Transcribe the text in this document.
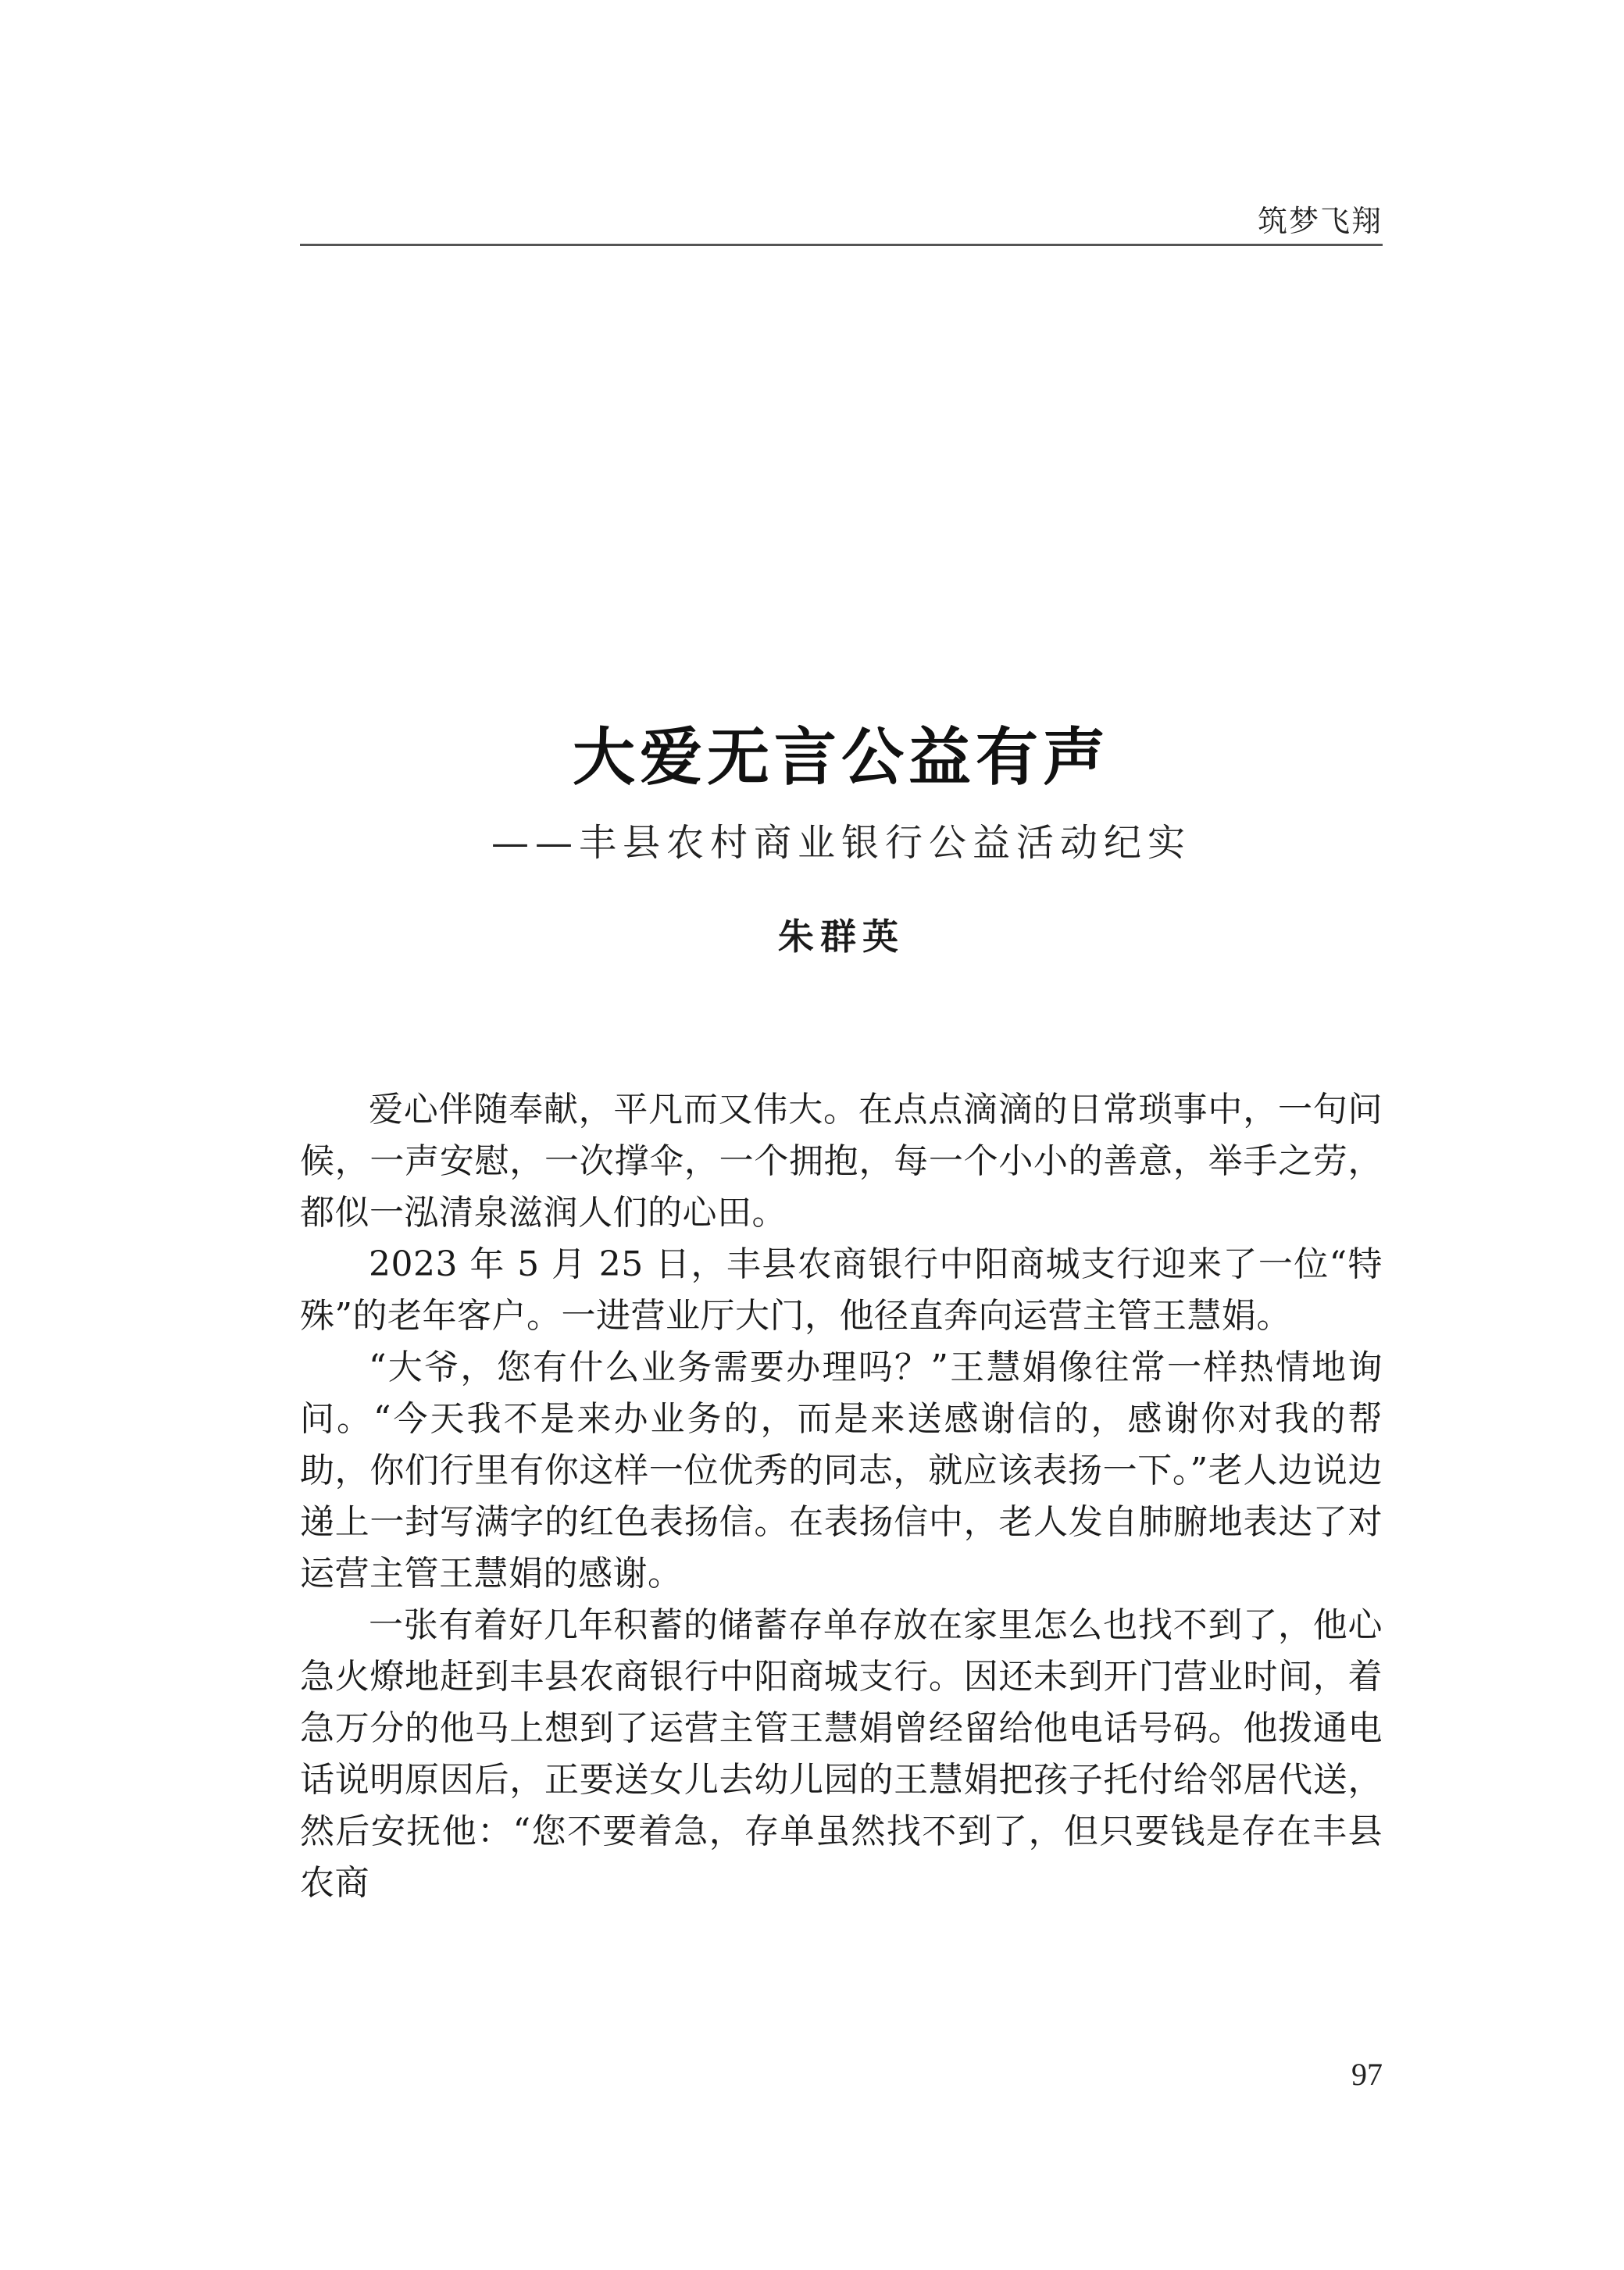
筑梦飞翔
大爱无言公益有声
——丰县农村商业银行公益活动纪实
朱群英

爱心伴随奉献，平凡而又伟大。在点点滴滴的日常琐事中，一句问候，一声安慰，一次撑伞，一个拥抱，每一个小小的善意，举手之劳，都似一泓清泉滋润人们的心田。

2023 年 5 月 25 日，丰县农商银行中阳商城支行迎来了一位“特殊”的老年客户。一进营业厅大门，他径直奔向运营主管王慧娟。

“大爷，您有什么业务需要办理吗？”王慧娟像往常一样热情地询问。“今天我不是来办业务的，而是来送感谢信的，感谢你对我的帮助，你们行里有你这样一位优秀的同志，就应该表扬一下。”老人边说边递上一封写满字的红色表扬信。在表扬信中，老人发自肺腑地表达了对运营主管王慧娟的感谢。

一张有着好几年积蓄的储蓄存单存放在家里怎么也找不到了，他心急火燎地赶到丰县农商银行中阳商城支行。因还未到开门营业时间，着急万分的他马上想到了运营主管王慧娟曾经留给他电话号码。他拨通电话说明原因后，正要送女儿去幼儿园的王慧娟把孩子托付给邻居代送，然后安抚他：“您不要着急，存单虽然找不到了，但只要钱是存在丰县农商

97
